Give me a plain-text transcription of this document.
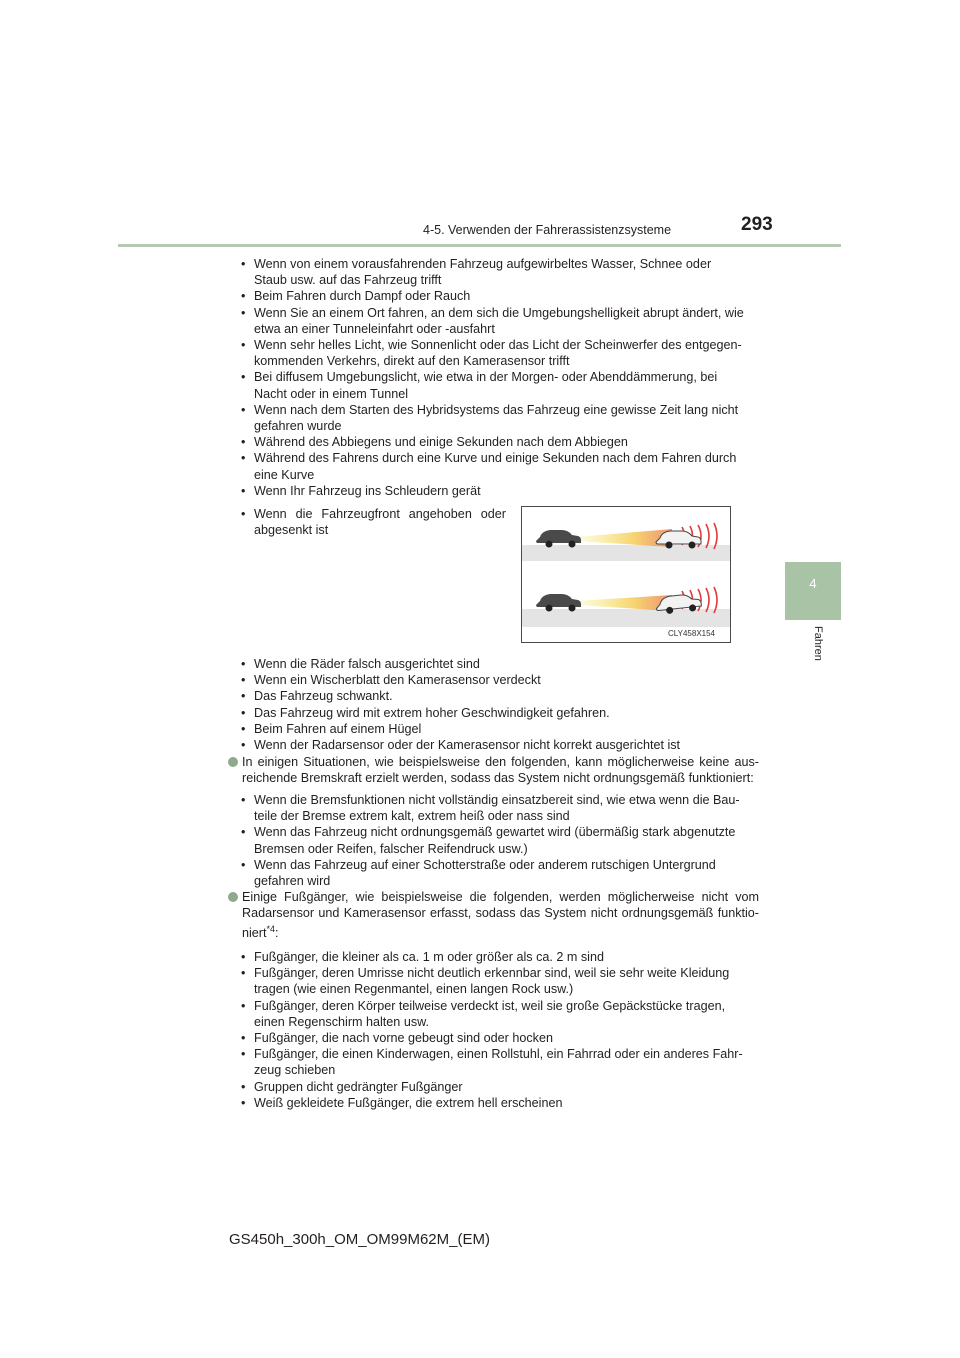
4-5. Verwenden der Fahrerassistenzsysteme	293
4
Fahren
• Wenn von einem vorausfahrenden Fahrzeug aufgewirbeltes Wasser, Schnee oder Staub usw. auf das Fahrzeug trifft
• Beim Fahren durch Dampf oder Rauch
• Wenn Sie an einem Ort fahren, an dem sich die Umgebungshelligkeit abrupt ändert, wie etwa an einer Tunneleinfahrt oder -ausfahrt
• Wenn sehr helles Licht, wie Sonnenlicht oder das Licht der Scheinwerfer des entgegen-kommenden Verkehrs, direkt auf den Kamerasensor trifft
• Bei diffusem Umgebungslicht, wie etwa in der Morgen- oder Abenddämmerung, bei Nacht oder in einem Tunnel
• Wenn nach dem Starten des Hybridsystems das Fahrzeug eine gewisse Zeit lang nicht gefahren wurde
• Während des Abbiegens und einige Sekunden nach dem Abbiegen
• Während des Fahrens durch eine Kurve und einige Sekunden nach dem Fahren durch eine Kurve
• Wenn Ihr Fahrzeug ins Schleudern gerät
• Wenn die Fahrzeugfront angehoben oder abgesenkt ist
CLY458X154
• Wenn die Räder falsch ausgerichtet sind
• Wenn ein Wischerblatt den Kamerasensor verdeckt
• Das Fahrzeug schwankt.
• Das Fahrzeug wird mit extrem hoher Geschwindigkeit gefahren.
• Beim Fahren auf einem Hügel
• Wenn der Radarsensor oder der Kamerasensor nicht korrekt ausgerichtet ist
In einigen Situationen, wie beispielsweise den folgenden, kann möglicherweise keine aus-reichende Bremskraft erzielt werden, sodass das System nicht ordnungsgemäß funktioniert:
• Wenn die Bremsfunktionen nicht vollständig einsatzbereit sind, wie etwa wenn die Bau-teile der Bremse extrem kalt, extrem heiß oder nass sind
• Wenn das Fahrzeug nicht ordnungsgemäß gewartet wird (übermäßig stark abgenutzte Bremsen oder Reifen, falscher Reifendruck usw.)
• Wenn das Fahrzeug auf einer Schotterstraße oder anderem rutschigen Untergrund gefahren wird
Einige Fußgänger, wie beispielsweise die folgenden, werden möglicherweise nicht vom Radarsensor und Kamerasensor erfasst, sodass das System nicht ordnungsgemäß funktio-niert$^{*4}$:
• Fußgänger, die kleiner als ca. 1 m oder größer als ca. 2 m sind
• Fußgänger, deren Umrisse nicht deutlich erkennbar sind, weil sie sehr weite Kleidung tragen (wie einen Regenmantel, einen langen Rock usw.)
• Fußgänger, deren Körper teilweise verdeckt ist, weil sie große Gepäckstücke tragen, einen Regenschirm halten usw.
• Fußgänger, die nach vorne gebeugt sind oder hocken
• Fußgänger, die einen Kinderwagen, einen Rollstuhl, ein Fahrrad oder ein anderes Fahr-zeug schieben
• Gruppen dicht gedrängter Fußgänger
• Weiß gekleidete Fußgänger, die extrem hell erscheinen
GS450h_300h_OM_OM99M62M_(EM)
